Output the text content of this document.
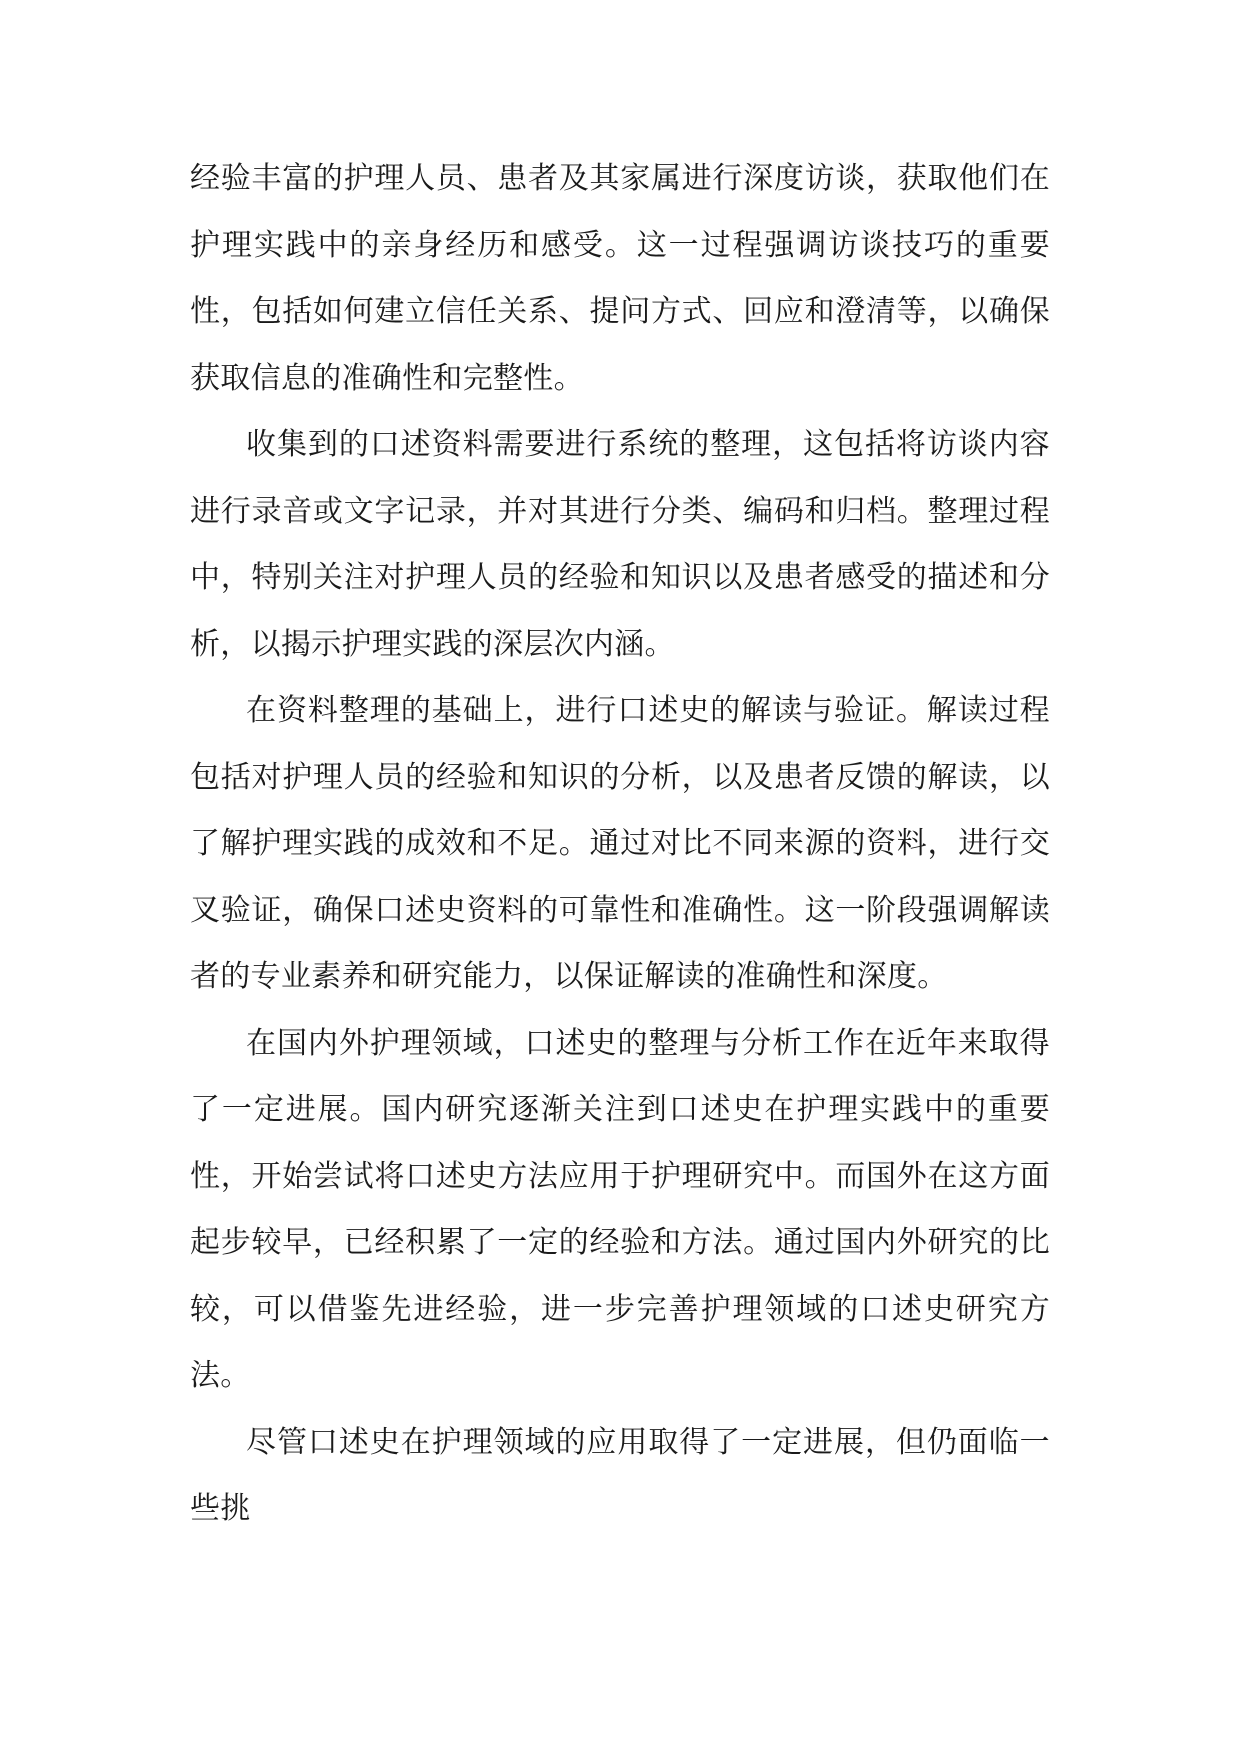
经验丰富的护理人员、患者及其家属进行深度访谈，获取他们在护理实践中的亲身经历和感受。这一过程强调访谈技巧的重要性，包括如何建立信任关系、提问方式、回应和澄清等，以确保获取信息的准确性和完整性。

收集到的口述资料需要进行系统的整理，这包括将访谈内容进行录音或文字记录，并对其进行分类、编码和归档。整理过程中，特别关注对护理人员的经验和知识以及患者感受的描述和分析，以揭示护理实践的深层次内涵。

在资料整理的基础上，进行口述史的解读与验证。解读过程包括对护理人员的经验和知识的分析，以及患者反馈的解读，以了解护理实践的成效和不足。通过对比不同来源的资料，进行交叉验证，确保口述史资料的可靠性和准确性。这一阶段强调解读者的专业素养和研究能力，以保证解读的准确性和深度。

在国内外护理领域，口述史的整理与分析工作在近年来取得了一定进展。国内研究逐渐关注到口述史在护理实践中的重要性，开始尝试将口述史方法应用于护理研究中。而国外在这方面起步较早，已经积累了一定的经验和方法。通过国内外研究的比较，可以借鉴先进经验，进一步完善护理领域的口述史研究方法。

尽管口述史在护理领域的应用取得了一定进展，但仍面临一些挑
